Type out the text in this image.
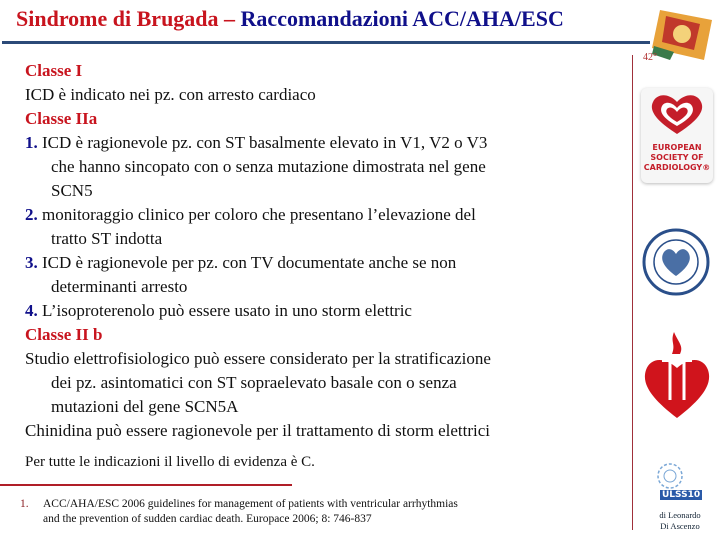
Sindrome di Brugada – Raccomandazioni ACC/AHA/ESC
Classe I
ICD è indicato nei pz. con arresto cardiaco
Classe IIa
1. ICD è ragionevole pz. con ST basalmente elevato in V1, V2 o V3
che hanno sincopato con o senza mutazione dimostrata nel gene
SCN5
2. monitoraggio clinico per coloro che presentano l’elevazione del
tratto ST indotta
3. ICD è ragionevole per pz. con TV documentate anche se non
determinanti arresto
4. L’isoproterenolo può essere usato in uno storm elettric
Classe II b
Studio elettrofisiologico può essere considerato per la stratificazione
dei pz. asintomatici con ST sopraelevato basale con o senza
mutazioni del gene SCN5A
Chinidina può essere ragionevole per il trattamento di storm elettrici
Per tutte le indicazioni il livello di evidenza è C.
1.	ACC/AHA/ESC 2006 guidelines for management of patients with ventricular arrhythmias
and the prevention of sudden cardiac death. Europace 2006; 8: 746-837
42°
EUROPEAN
SOCIETY OF
CARDIOLOGY®
ULSS10
di Leonardo
Di Ascenzo
